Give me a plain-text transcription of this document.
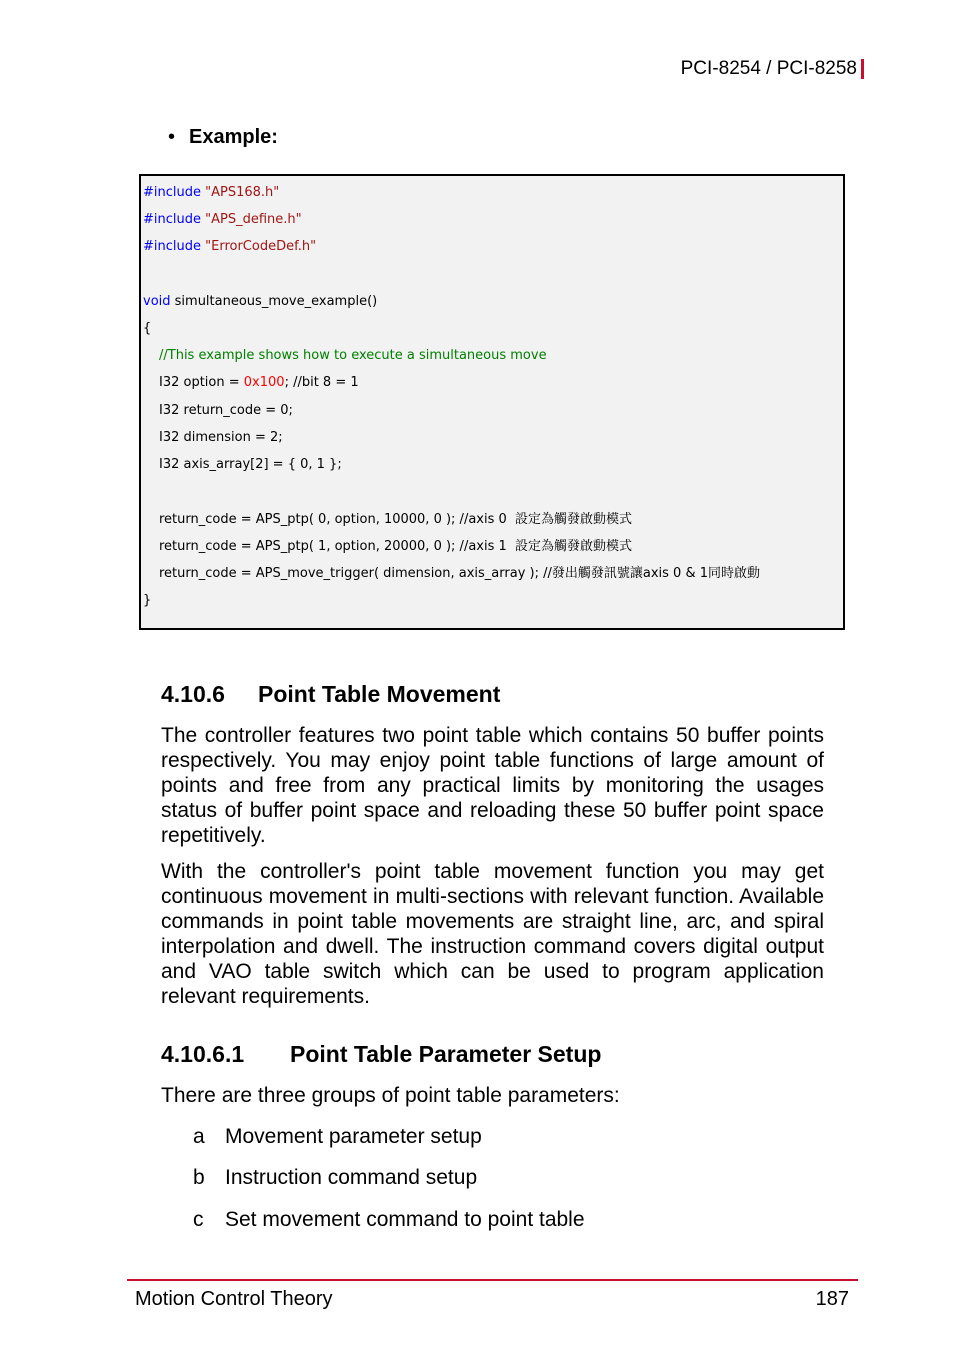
PCI-8254 / PCI-8258
• Example:
#include "APS168.h"
#include "APS_define.h"
#include "ErrorCodeDef.h"
void simultaneous_move_example()
{
//This example shows how to execute a simultaneous move
I32 option = 0x100; //bit 8 = 1
I32 return_code = 0;
I32 dimension = 2;
I32 axis_array[2] = { 0, 1 };
return_code = APS_ptp( 0, option, 10000, 0 ); //axis 0  設定為觸發啟動模式
return_code = APS_ptp( 1, option, 20000, 0 ); //axis 1  設定為觸發啟動模式
return_code = APS_move_trigger( dimension, axis_array ); //發出觸發訊號讓axis 0 & 1同時啟動
}
4.10.6 Point Table Movement
The controller features two point table which contains 50 buffer points respectively. You may enjoy point table functions of large amount of points and free from any practical limits by monitoring the usages status of buffer point space and reloading these 50 buffer point space repetitively.
With the controller's point table movement function you may get continuous movement in multi-sections with relevant function. Available commands in point table movements are straight line, arc, and spiral interpolation and dwell. The instruction command covers digital output and VAO table switch which can be used to program application relevant requirements.
4.10.6.1 Point Table Parameter Setup
There are three groups of point table parameters:
a Movement parameter setup
b Instruction command setup
c Set movement command to point table
Motion Control Theory	187
